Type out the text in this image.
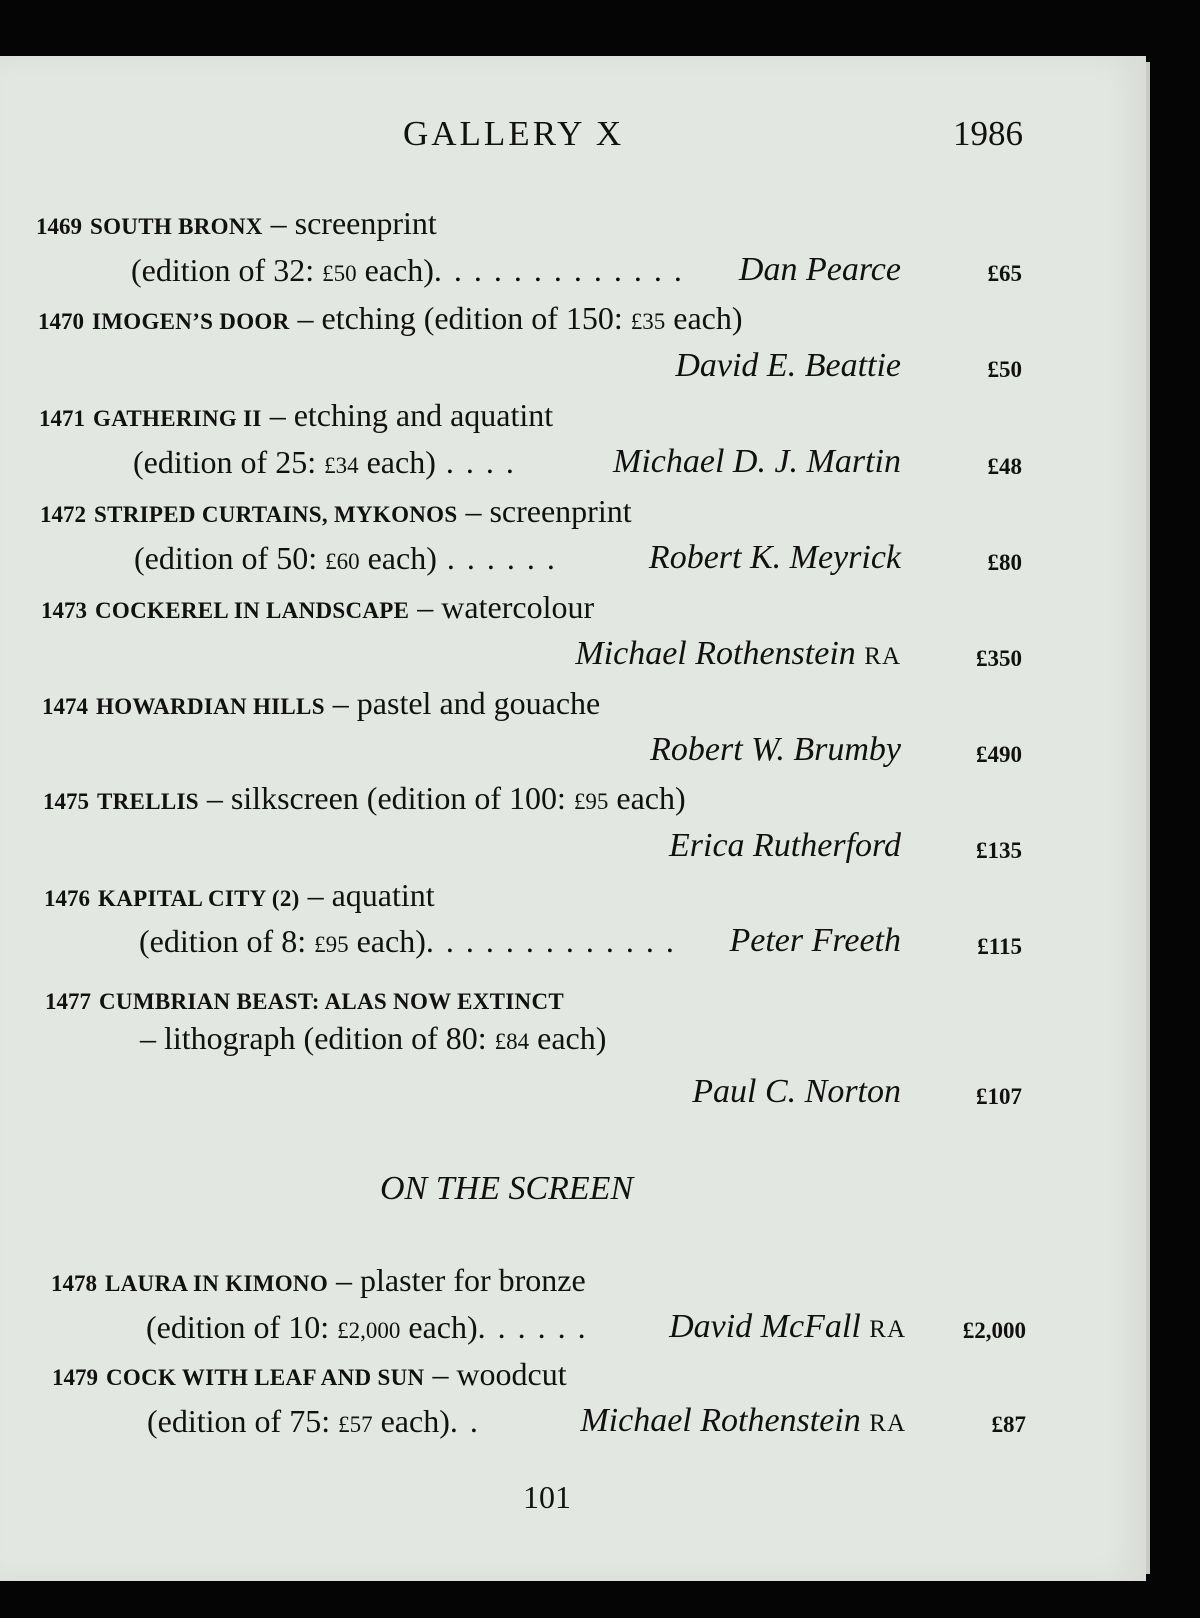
GALLERY X	1986
1469 SOUTH BRONX – screenprint
(edition of 32: £50 each). . . . . . . . . . . . . Dan Pearce	£65
1470 IMOGEN’S DOOR – etching (edition of 150: £35 each)
David E. Beattie	£50
1471 GATHERING II – etching and aquatint
(edition of 25: £34 each) . . . .	Michael D. J. Martin	£48
1472 STRIPED CURTAINS, MYKONOS – screenprint
(edition of 50: £60 each) . . . . . .	Robert K. Meyrick	£80
1473 COCKEREL IN LANDSCAPE – watercolour
Michael Rothenstein RA	£350
1474 HOWARDIAN HILLS – pastel and gouache
Robert W. Brumby	£490
1475 TRELLIS – silkscreen (edition of 100: £95 each)
Erica Rutherford	£135
1476 KAPITAL CITY (2) – aquatint
(edition of 8: £95 each). . . . . . . . . . . . . Peter Freeth	£115
1477 CUMBRIAN BEAST: ALAS NOW EXTINCT
– lithograph (edition of 80: £84 each)
Paul C. Norton	£107
ON THE SCREEN
1478 LAURA IN KIMONO – plaster for bronze
(edition of 10: £2,000 each). . . . . . David McFall RA £2,000
1479 COCK WITH LEAF AND SUN – woodcut
(edition of 75: £57 each). .	Michael Rothenstein RA	£87
101
